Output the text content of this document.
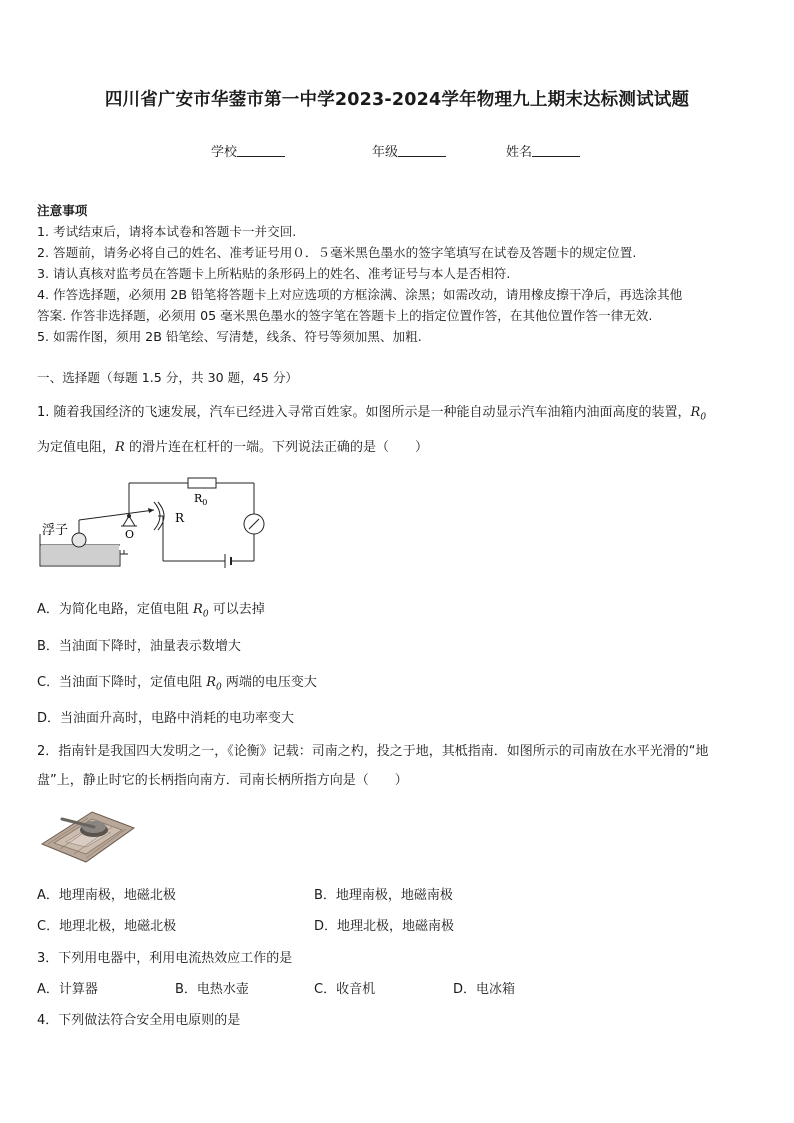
四川省广安市华蓥市第一中学2023-2024学年物理九上期末达标测试试题
学校	年级	姓名
注意事项
1. 考试结束后，请将本试卷和答题卡一并交回.
2. 答题前，请务必将自己的姓名、准考证号用０．５毫米黑色墨水的签字笔填写在试卷及答题卡的规定位置.
3. 请认真核对监考员在答题卡上所粘贴的条形码上的姓名、准考证号与本人是否相符.
4. 作答选择题，必须用 2B 铅笔将答题卡上对应选项的方框涂满、涂黑；如需改动，请用橡皮擦干净后，再选涂其他
答案. 作答非选择题，必须用 05 毫米黑色墨水的签字笔在答题卡上的指定位置作答，在其他位置作答一律无效.
5. 如需作图，须用 2B 铅笔绘、写清楚，线条、符号等须加黑、加粗.
一、选择题（每题 1.5 分，共 30 题，45 分）
1. 随着我国经济的飞速发展，汽车已经进入寻常百姓家。如图所示是一种能自动显示汽车油箱内油面高度的装置，$R_0$
为定值电阻，R 的滑片连在杠杆的一端。下列说法正确的是（　　）
浮子
$R_0$
R
O
A．为简化电路，定值电阻 $R_0$ 可以去掉
B．当油面下降时，油量表示数增大
C．当油面下降时，定值电阻 $R_0$ 两端的电压变大
D．当油面升高时，电路中消耗的电功率变大
2．指南针是我国四大发明之一，《论衡》记载：司南之杓，投之于地，其柢指南．如图所示的司南放在水平光滑的“地
盘”上，静止时它的长柄指向南方．司南长柄所指方向是（　　）
A．地理南极，地磁北极	B．地理南极，地磁南极
C．地理北极，地磁北极	D．地理北极，地磁南极
3．下列用电器中，利用电流热效应工作的是
A．计算器	B．电热水壶	C．收音机	D．电冰箱
4．下列做法符合安全用电原则的是
